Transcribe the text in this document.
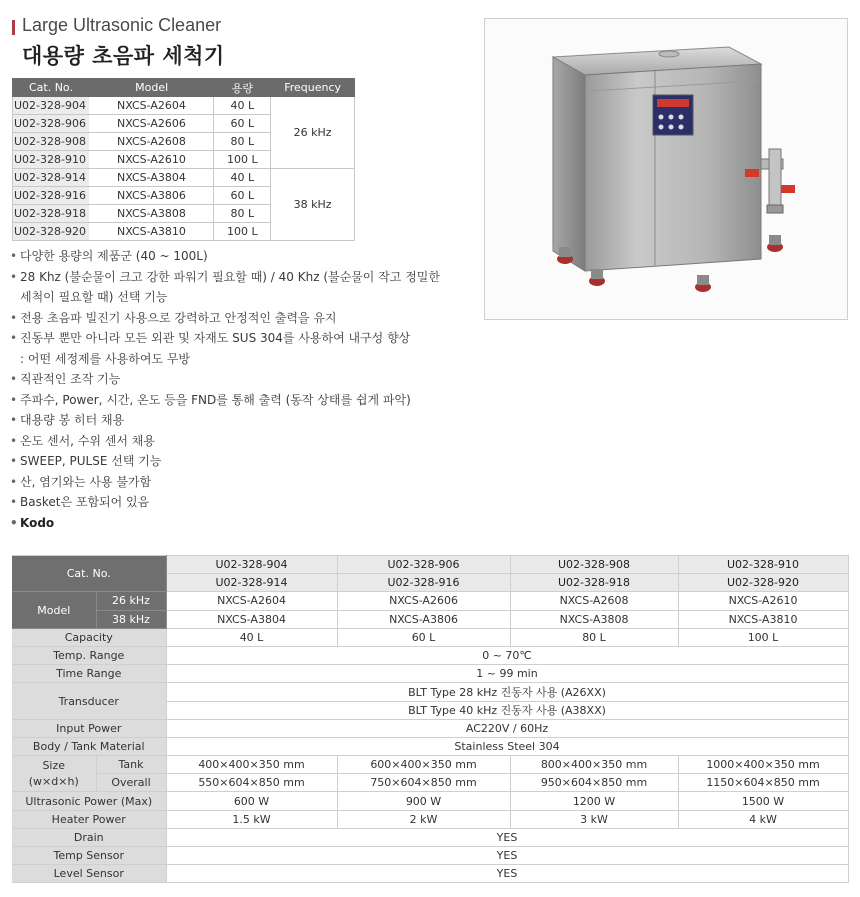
Large Ultrasonic Cleaner
대용량 초음파 세척기
Cat. No.	Model	용량	Frequency
U02-328-904	NXCS-A2604	40 L	26 kHz
U02-328-906	NXCS-A2606	60 L	
U02-328-908	NXCS-A2608	80 L	
U02-328-910	NXCS-A2610	100 L	
U02-328-914	NXCS-A3804	40 L	38 kHz
U02-328-916	NXCS-A3806	60 L	
U02-328-918	NXCS-A3808	80 L	
U02-328-920	NXCS-A3810	100 L	
• 다양한 용량의 제품군 (40 ~ 100L)
• 28 Khz (불순물이 크고 강한 파워기 필요할 때) / 40 Khz (불순물이 작고 정밀한
세척이 필요할 때) 선택 기능
• 전용 초음파 빌진기 사용으로 강력하고 안정적인 출력을 유지
• 진동부 뿐만 아니라 모든 외관 및 자재도 SUS 304를 사용하여 내구성 향상
: 어떤 세정제를 사용하여도 무방
• 직관적인 조작 기능
• 주파수, Power, 시간, 온도 등을 FND를 통해 출력 (동작 상태를 쉽게 파악)
• 대용량 봉 히터 채용
• 온도 센서, 수위 센서 채용
• SWEEP, PULSE 선택 기능
• 산, 염기와는 사용 불가함
• Basket은 포함되어 있음
• Kodo
Cat. No.		U02-328-904	U02-328-906	U02-328-908	U02-328-910
		U02-328-914	U02-328-916	U02-328-918	U02-328-920
Model	26 kHz	NXCS-A2604	NXCS-A2606	NXCS-A2608	NXCS-A2610
	38 kHz	NXCS-A3804	NXCS-A3806	NXCS-A3808	NXCS-A3810
Capacity		40 L	60 L	80 L	100 L
Temp. Range		0 ~ 70℃			
Time Range		1 ~ 99 min			
Transducer		BLT Type 28 kHz 진동자 사용 (A26XX)			
		BLT Type 40 kHz 진동자 사용 (A38XX)			
Input Power		AC220V / 60Hz			
Body / Tank Material		Stainless Steel 304			
Size
(w×d×h)	Tank	400×400×350 mm	600×400×350 mm	800×400×350 mm	1000×400×350 mm
	Overall	550×604×850 mm	750×604×850 mm	950×604×850 mm	1150×604×850 mm
Ultrasonic Power (Max)		600 W	900 W	1200 W	1500 W
Heater Power		1.5 kW	2 kW	3 kW	4 kW
Drain		YES			
Temp Sensor		YES			
Level Sensor		YES			
